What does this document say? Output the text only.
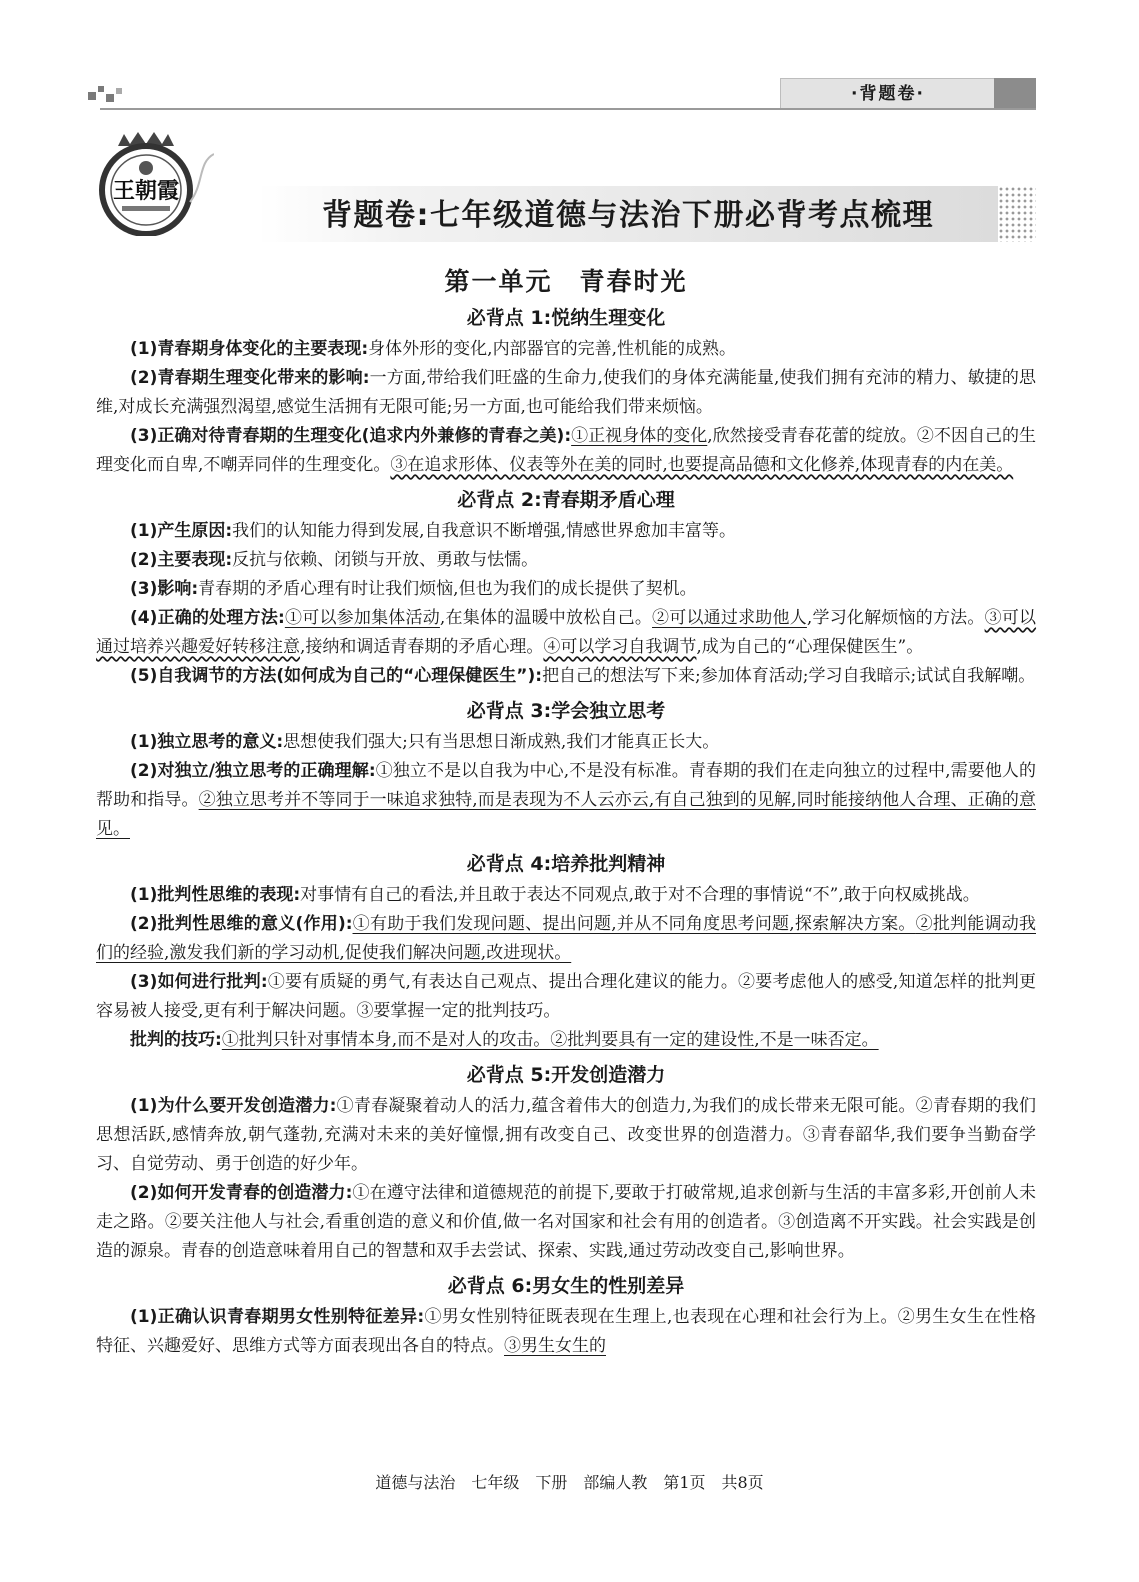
·背题卷·
王朝霞
背题卷:七年级道德与法治下册必背考点梳理
第一单元　青春时光
必背点 1:悦纳生理变化

(1)青春期身体变化的主要表现:身体外形的变化,内部器官的完善,性机能的成熟。

(2)青春期生理变化带来的影响:一方面,带给我们旺盛的生命力,使我们的身体充满能量,使我们拥有充沛的精力、敏捷的思维,对成长充满强烈渴望,感觉生活拥有无限可能;另一方面,也可能给我们带来烦恼。

(3)正确对待青春期的生理变化(追求内外兼修的青春之美):①正视身体的变化,欣然接受青春花蕾的绽放。②不因自己的生理变化而自卑,不嘲弄同伴的生理变化。③在追求形体、仪表等外在美的同时,也要提高品德和文化修养,体现青春的内在美。

必背点 2:青春期矛盾心理

(1)产生原因:我们的认知能力得到发展,自我意识不断增强,情感世界愈加丰富等。

(2)主要表现:反抗与依赖、闭锁与开放、勇敢与怯懦。

(3)影响:青春期的矛盾心理有时让我们烦恼,但也为我们的成长提供了契机。

(4)正确的处理方法:①可以参加集体活动,在集体的温暖中放松自己。②可以通过求助他人,学习化解烦恼的方法。③可以通过培养兴趣爱好转移注意,接纳和调适青春期的矛盾心理。④可以学习自我调节,成为自己的“心理保健医生”。

(5)自我调节的方法(如何成为自己的“心理保健医生”):把自己的想法写下来;参加体育活动;学习自我暗示;试试自我解嘲。

必背点 3:学会独立思考

(1)独立思考的意义:思想使我们强大;只有当思想日渐成熟,我们才能真正长大。

(2)对独立/独立思考的正确理解:①独立不是以自我为中心,不是没有标准。青春期的我们在走向独立的过程中,需要他人的帮助和指导。②独立思考并不等同于一味追求独特,而是表现为不人云亦云,有自己独到的见解,同时能接纳他人合理、正确的意见。

必背点 4:培养批判精神

(1)批判性思维的表现:对事情有自己的看法,并且敢于表达不同观点,敢于对不合理的事情说“不”,敢于向权威挑战。

(2)批判性思维的意义(作用):①有助于我们发现问题、提出问题,并从不同角度思考问题,探索解决方案。②批判能调动我们的经验,激发我们新的学习动机,促使我们解决问题,改进现状。

(3)如何进行批判:①要有质疑的勇气,有表达自己观点、提出合理化建议的能力。②要考虑他人的感受,知道怎样的批判更容易被人接受,更有利于解决问题。③要掌握一定的批判技巧。

批判的技巧:①批判只针对事情本身,而不是对人的攻击。②批判要具有一定的建设性,不是一味否定。

必背点 5:开发创造潜力

(1)为什么要开发创造潜力:①青春凝聚着动人的活力,蕴含着伟大的创造力,为我们的成长带来无限可能。②青春期的我们思想活跃,感情奔放,朝气蓬勃,充满对未来的美好憧憬,拥有改变自己、改变世界的创造潜力。③青春韶华,我们要争当勤奋学习、自觉劳动、勇于创造的好少年。

(2)如何开发青春的创造潜力:①在遵守法律和道德规范的前提下,要敢于打破常规,追求创新与生活的丰富多彩,开创前人未走之路。②要关注他人与社会,看重创造的意义和价值,做一名对国家和社会有用的创造者。③创造离不开实践。社会实践是创造的源泉。青春的创造意味着用自己的智慧和双手去尝试、探索、实践,通过劳动改变自己,影响世界。

必背点 6:男女生的性别差异

(1)正确认识青春期男女性别特征差异:①男女性别特征既表现在生理上,也表现在心理和社会行为上。②男生女生在性格特征、兴趣爱好、思维方式等方面表现出各自的特点。③男生女生的

道德与法治　七年级　下册　部编人教　第1页　共8页
